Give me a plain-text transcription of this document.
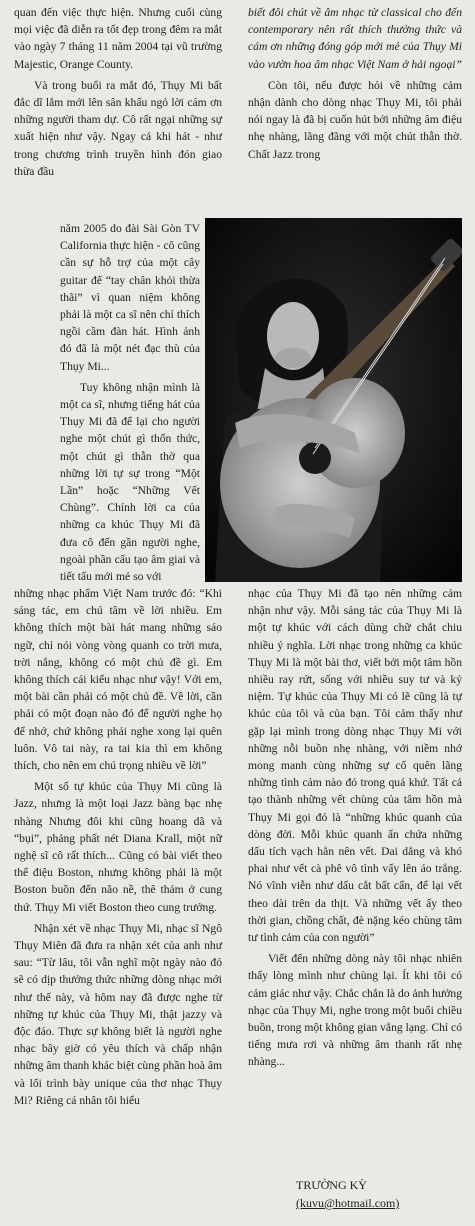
quan đến việc thực hiện. Nhưng cuối cùng mọi việc đã diễn ra tốt đẹp trong đêm ra mắt vào ngày 7 tháng 11 năm 2004 tại vũ trường Majestic, Orange County.

Và trong buổi ra mắt đó, Thụy Mi bất đắc dĩ lắm mới lên sân khấu ngỏ lời cám ơn những người tham dự. Cô rất ngại những sự xuất hiện như vậy. Ngay cả khi hát - như trong chương trình truyền hình đón giao thừa đầu

năm 2005 do đài Sài Gòn TV California thực hiện - cô cũng cần sự hỗ trợ của một cây guitar để “tay chân khỏi thừa thãi” vì quan niệm không phải là một ca sĩ nên chỉ thích ngồi cầm đàn hát. Hình ảnh đó đã là một nét đạc thù của Thụy Mi...

Tuy không nhận mình là một ca sĩ, nhưng tiếng hát của Thụy Mi đã để lại cho người nghe một chút gì thổn thức, một chút gì thẫn thờ qua những lời tự sự trong “Một Lần” hoặc “Những Vết Chùng”. Chính lời ca của những ca khúc Thụy Mi đã đưa cô đến gần người nghe, ngoài phần cấu tạo âm giai và tiết tấu mới mẻ so với

biết đôi chút về âm nhạc từ classical cho đến contemporary nên rất thích thưởng thức và cám ơn những đóng góp mới mẻ của Thụy Mi vào vườn hoa âm nhạc Việt Nam ở hải ngoại”

Còn tôi, nếu được hỏi về những cảm nhận dành cho dòng nhạc Thụy Mi, tôi phải nói ngay là đã bị cuốn hút bởi những âm điệu nhẹ nhàng, lãng đãng với một chút thẫn thờ. Chất Jazz trong

những nhạc phẩm Việt Nam trước đó: “Khi sáng tác, em chú tâm về lời nhiều. Em không thích một bài hát mang những sáo ngữ, chỉ nói vòng vòng quanh co trời mưa, trời nắng, không có một chủ đề gì. Em không thích cái kiểu nhạc như vậy! Với em, một bài cần phải có một chủ đề. Về lời, cần phải có một đoạn nào đó để người nghe họ để nhớ, chứ không phải nghe xong lại quên luôn. Vô tai này, ra tai kia thì em không thích, cho nên em chú trọng nhiều về lời”

Một số tự khúc của Thụy Mi cũng là Jazz, nhưng là một loại Jazz bàng bạc nhẹ nhàng Nhưng đôi khi cũng hoang dã và “bụi”, phảng phất nét Diana Krall, một nữ nghệ sĩ cô rất thích... Cũng có bài viết theo thể điệu Boston, nhưng không phải là một Boston buồn đến não nề, thê thảm ở cung thứ. Thụy Mi viết Boston theo cung trưởng.

Nhận xét về nhạc Thụy Mi, nhạc sĩ Ngô Thụy Miên đã đưa ra nhận xét của anh như sau: “Từ lâu, tôi vẫn nghĩ một ngày nào đó sẽ có dịp thưởng thức những dòng nhạc mới như thế này, và hôm nay đã được nghe từ những tự khúc của Thụy Mi, thật jazzy và độc đáo. Thực sự không biết là người nghe nhạc bây giờ có yêu thích và chấp nhận những âm thanh khác biệt cùng phần hoà âm và lối trình bày unique của thơ nhạc Thụy Mi? Riêng cá nhân tôi hiểu

nhạc của Thụy Mi đã tạo nên những cảm nhận như vậy. Mỗi sáng tác của Thụy Mi là một tự khúc với cách dùng chữ chắt chiu nhiều ý nghĩa. Lời nhạc trong những ca khúc Thụy Mi là một bài thơ, viết bởi một tâm hồn nhiều ray rứt, sống với nhiều suy tư và kỷ niệm. Tự khúc của Thụy Mi có lẽ cũng là tự khúc của tôi và của bạn. Tôi cảm thấy như gặp lại mình trong dòng nhạc Thụy Mi với những nỗi buồn nhẹ nhàng, với niềm nhớ mong manh cùng những sự cố quên lãng những tình cảm nào đó trong quá khứ. Tất cả tạo thành những vết chùng của tâm hồn mà Thụy Mi gọi đó là “những khúc quanh của dòng đời. Mỗi khúc quanh ẩn chứa những dấu tích vạch hằn nên vết. Dai dẳng và khó phai như vết cà phê vô tình vấy lên áo trắng. Nó vĩnh viễn như dấu cắt bất cẩn, để lại vết theo dài trên da thịt. Và những vết ấy theo thời gian, chồng chất, đè nặng kéo chùng tâm tư tình cảm của con người”

Viết đến những dòng này tôi nhạc nhiên thấy lòng mình như chùng lại. Ít khi tôi có cảm giác như vậy. Chắc chắn là do ảnh hưởng nhạc của Thụy Mi, nghe trong một buổi chiều buồn, trong một không gian vắng lạng. Chỉ có tiếng mưa rơi và những âm thanh rất nhẹ nhàng...

TRƯỜNG KỲ
(kuvu@hotmail.com)
